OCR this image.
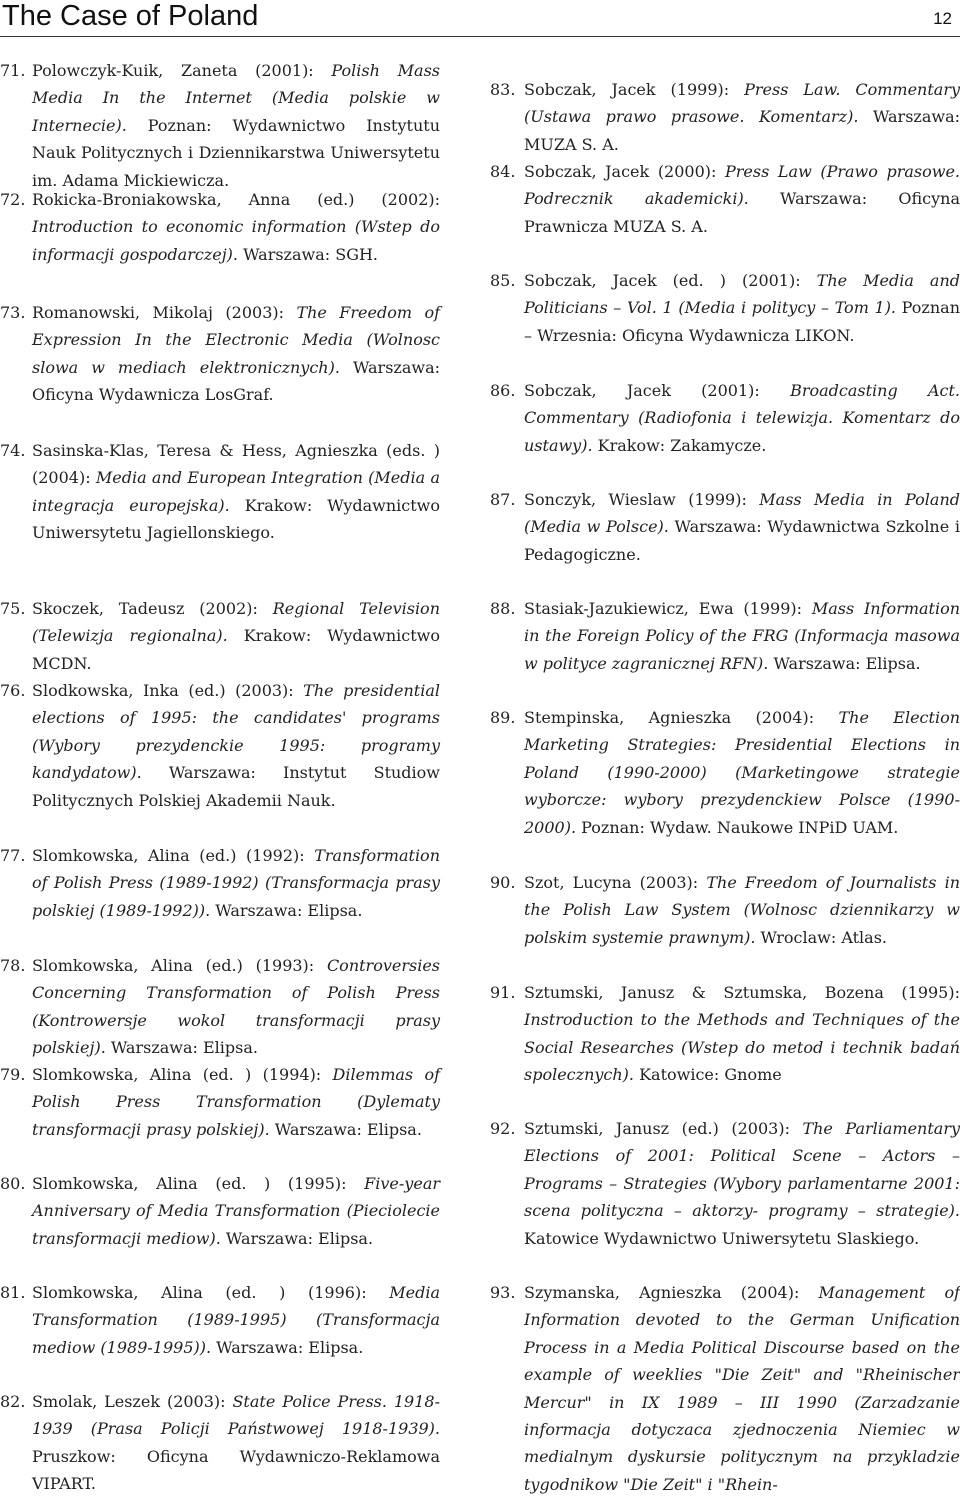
The Case of Poland	12
71. Polowczyk-Kuik, Zaneta (2001): Polish Mass Media In the Internet (Media polskie w Internecie). Poznan: Wydawnictwo Instytutu Nauk Politycznych i Dziennikarstwa Uniwersytetu im. Adama Mickiewicza.
72. Rokicka-Broniakowska, Anna (ed.) (2002): Introduction to economic information (Wstep do informacji gospodarczej). Warszawa: SGH.
73. Romanowski, Mikolaj (2003): The Freedom of Expression In the Electronic Media (Wolnosc slowa w mediach elektronicznych). Warszawa: Oficyna Wydawnicza LosGraf.
74. Sasinska-Klas, Teresa & Hess, Agnieszka (eds. ) (2004): Media and European Integration (Media a integracja europejska). Krakow: Wydawnictwo Uniwersytetu Jagiellonskiego.
75. Skoczek, Tadeusz (2002): Regional Television (Telewizja regionalna). Krakow: Wydawnictwo MCDN.
76. Slodkowska, Inka (ed.) (2003): The presidential elections of 1995: the candidates' programs (Wybory prezydenckie 1995: programy kandydatow). Warszawa: Instytut Studiow Politycznych Polskiej Akademii Nauk.
77. Slomkowska, Alina (ed.) (1992): Transformation of Polish Press (1989-1992) (Transformacja prasy polskiej (1989-1992)). Warszawa: Elipsa.
78. Slomkowska, Alina (ed.) (1993): Controversies Concerning Transformation of Polish Press (Kontrowersje wokol transformacji prasy polskiej). Warszawa: Elipsa.
79. Slomkowska, Alina (ed. ) (1994): Dilemmas of Polish Press Transformation (Dylematy transformacji prasy polskiej). Warszawa: Elipsa.
80. Slomkowska, Alina (ed. ) (1995): Five-year Anniversary of Media Transformation (Pieciolecie transformacji mediow). Warszawa: Elipsa.
81. Slomkowska, Alina (ed. ) (1996): Media Transformation (1989-1995) (Transformacja mediow (1989-1995)). Warszawa: Elipsa.
82. Smolak, Leszek (2003): State Police Press. 1918-1939 (Prasa Policji Państwowej 1918-1939). Pruszkow: Oficyna Wydawniczo-Reklamowa VIPART.
83. Sobczak, Jacek (1999): Press Law. Commentary (Ustawa prawo prasowe. Komentarz). Warszawa: MUZA S. A.
84. Sobczak, Jacek (2000): Press Law (Prawo prasowe. Podrecznik akademicki). Warszawa: Oficyna Prawnicza MUZA S. A.
85. Sobczak, Jacek (ed. ) (2001): The Media and Politicians – Vol. 1 (Media i politycy – Tom 1). Poznan – Wrzesnia: Oficyna Wydawnicza LIKON.
86. Sobczak, Jacek (2001): Broadcasting Act. Commentary (Radiofonia i telewizja. Komentarz do ustawy). Krakow: Zakamycze.
87. Sonczyk, Wieslaw (1999): Mass Media in Poland (Media w Polsce). Warszawa: Wydawnictwa Szkolne i Pedagogiczne.
88. Stasiak-Jazukiewicz, Ewa (1999): Mass Information in the Foreign Policy of the FRG (Informacja masowa w polityce zagranicznej RFN). Warszawa: Elipsa.
89. Stempinska, Agnieszka (2004): The Election Marketing Strategies: Presidential Elections in Poland (1990-2000) (Marketingowe strategie wyborcze: wybory prezydenckiew Polsce (1990-2000). Poznan: Wydaw. Naukowe INPiD UAM.
90. Szot, Lucyna (2003): The Freedom of Journalists in the Polish Law System (Wolnosc dziennikarzy w polskim systemie prawnym). Wroclaw: Atlas.
91. Sztumski, Janusz & Sztumska, Bozena (1995): Instroduction to the Methods and Techniques of the Social Researches (Wstep do metod i technik badań spolecznych). Katowice: Gnome
92. Sztumski, Janusz (ed.) (2003): The Parliamentary Elections of 2001: Political Scene – Actors – Programs – Strategies (Wybory parlamentarne 2001: scena polityczna – aktorzy- programy – strategie). Katowice Wydawnictwo Uniwersytetu Slaskiego.
93. Szymanska, Agnieszka (2004): Management of Information devoted to the German Unification Process in a Media Political Discourse based on the example of weeklies "Die Zeit" and "Rheinischer Mercur" in IX 1989 – III 1990 (Zarzadzanie informacja dotyczaca zjednoczenia Niemiec w medialnym dyskursie politycznym na przykladzie tygodnikow "Die Zeit" i "Rhein-
